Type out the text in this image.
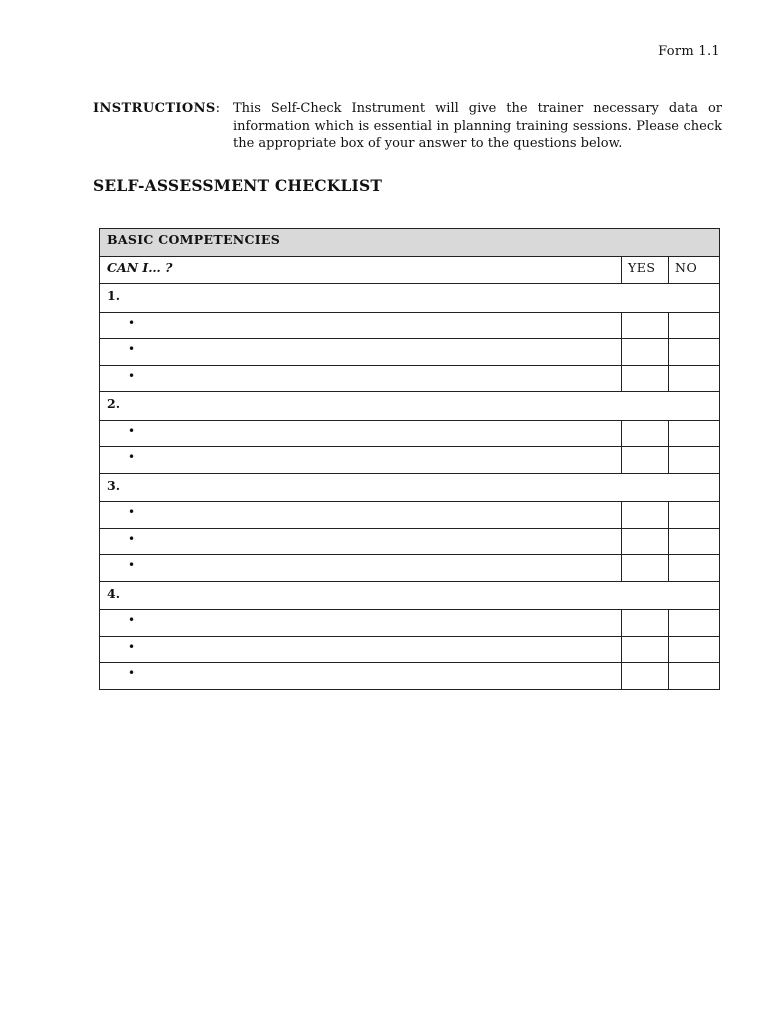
Form 1.1
INSTRUCTIONS: This Self-Check Instrument will give the trainer necessary data or information which is essential in planning training sessions. Please check the appropriate box of your answer to the questions below.
SELF-ASSESSMENT CHECKLIST
BASIC COMPETENCIES		
CAN I… ?	YES	NO
1.		
•		
•		
•		
2.		
•		
•		
3.		
•		
•		
•		
4.		
•		
•		
•		
